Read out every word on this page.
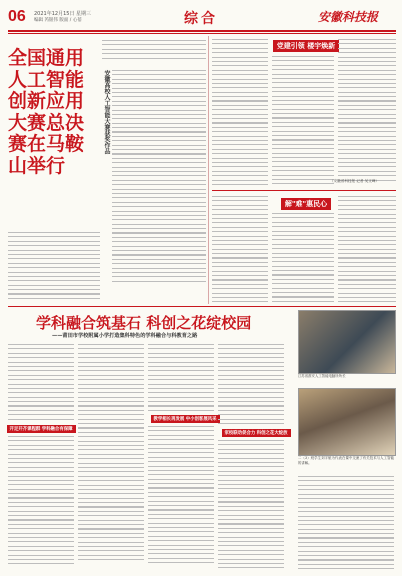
06 2021年12月15日 星期三
编辑 芮银伟 版面 / 心蓓	综合	安徽科技报
全国通用人工智能创新应用大赛总决赛在马鞍山举行
安徽高校人工智能大赛获奖作品
党建引领 楼宇焕新
（安徽省科技报 记者 吴文峰）
解"难"惠民心
学科融合筑基石 科创之花绽校园
——莆田市学校附属小学打造集科特色的学科融合与科教育之路
开足开齐课程群 学科融合有保障
教学相长再发展 中小创客展风采
家校联动促合力 科创之花大绽放
江苏省淮安人工智能电脑所所长
二（3）班学生刘宇航为代表在课中交流了有关技术与人工智能的讲解。
